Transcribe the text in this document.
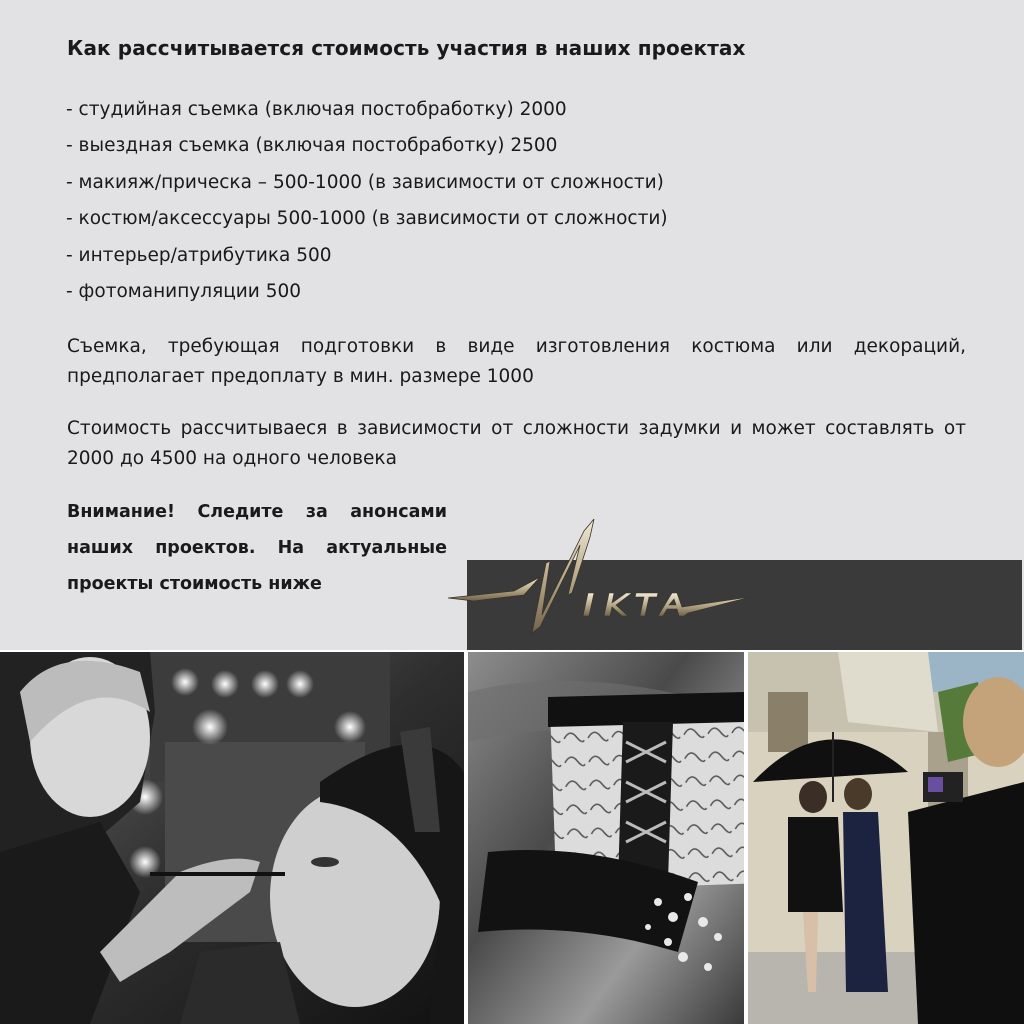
Как рассчитывается стоимость участия в наших проектах
- студийная съемка (включая постобработку) 2000
- выездная съемка (включая постобработку) 2500
- макияж/прическа – 500-1000 (в зависимости от сложности)
- костюм/аксессуары 500-1000 (в зависимости от сложности)
- интерьер/атрибутика 500
- фотоманипуляции 500
Съемка, требующая подготовки в виде изготовления костюма или декораций, предполагает предоплату в мин. размере 1000
Стоимость рассчитываеся в зависимости от сложности задумки и может составлять от 2000 до 4500 на одного человека
Внимание! Следите за анонсами наших проектов. На актуальные проекты стоимость ниже
